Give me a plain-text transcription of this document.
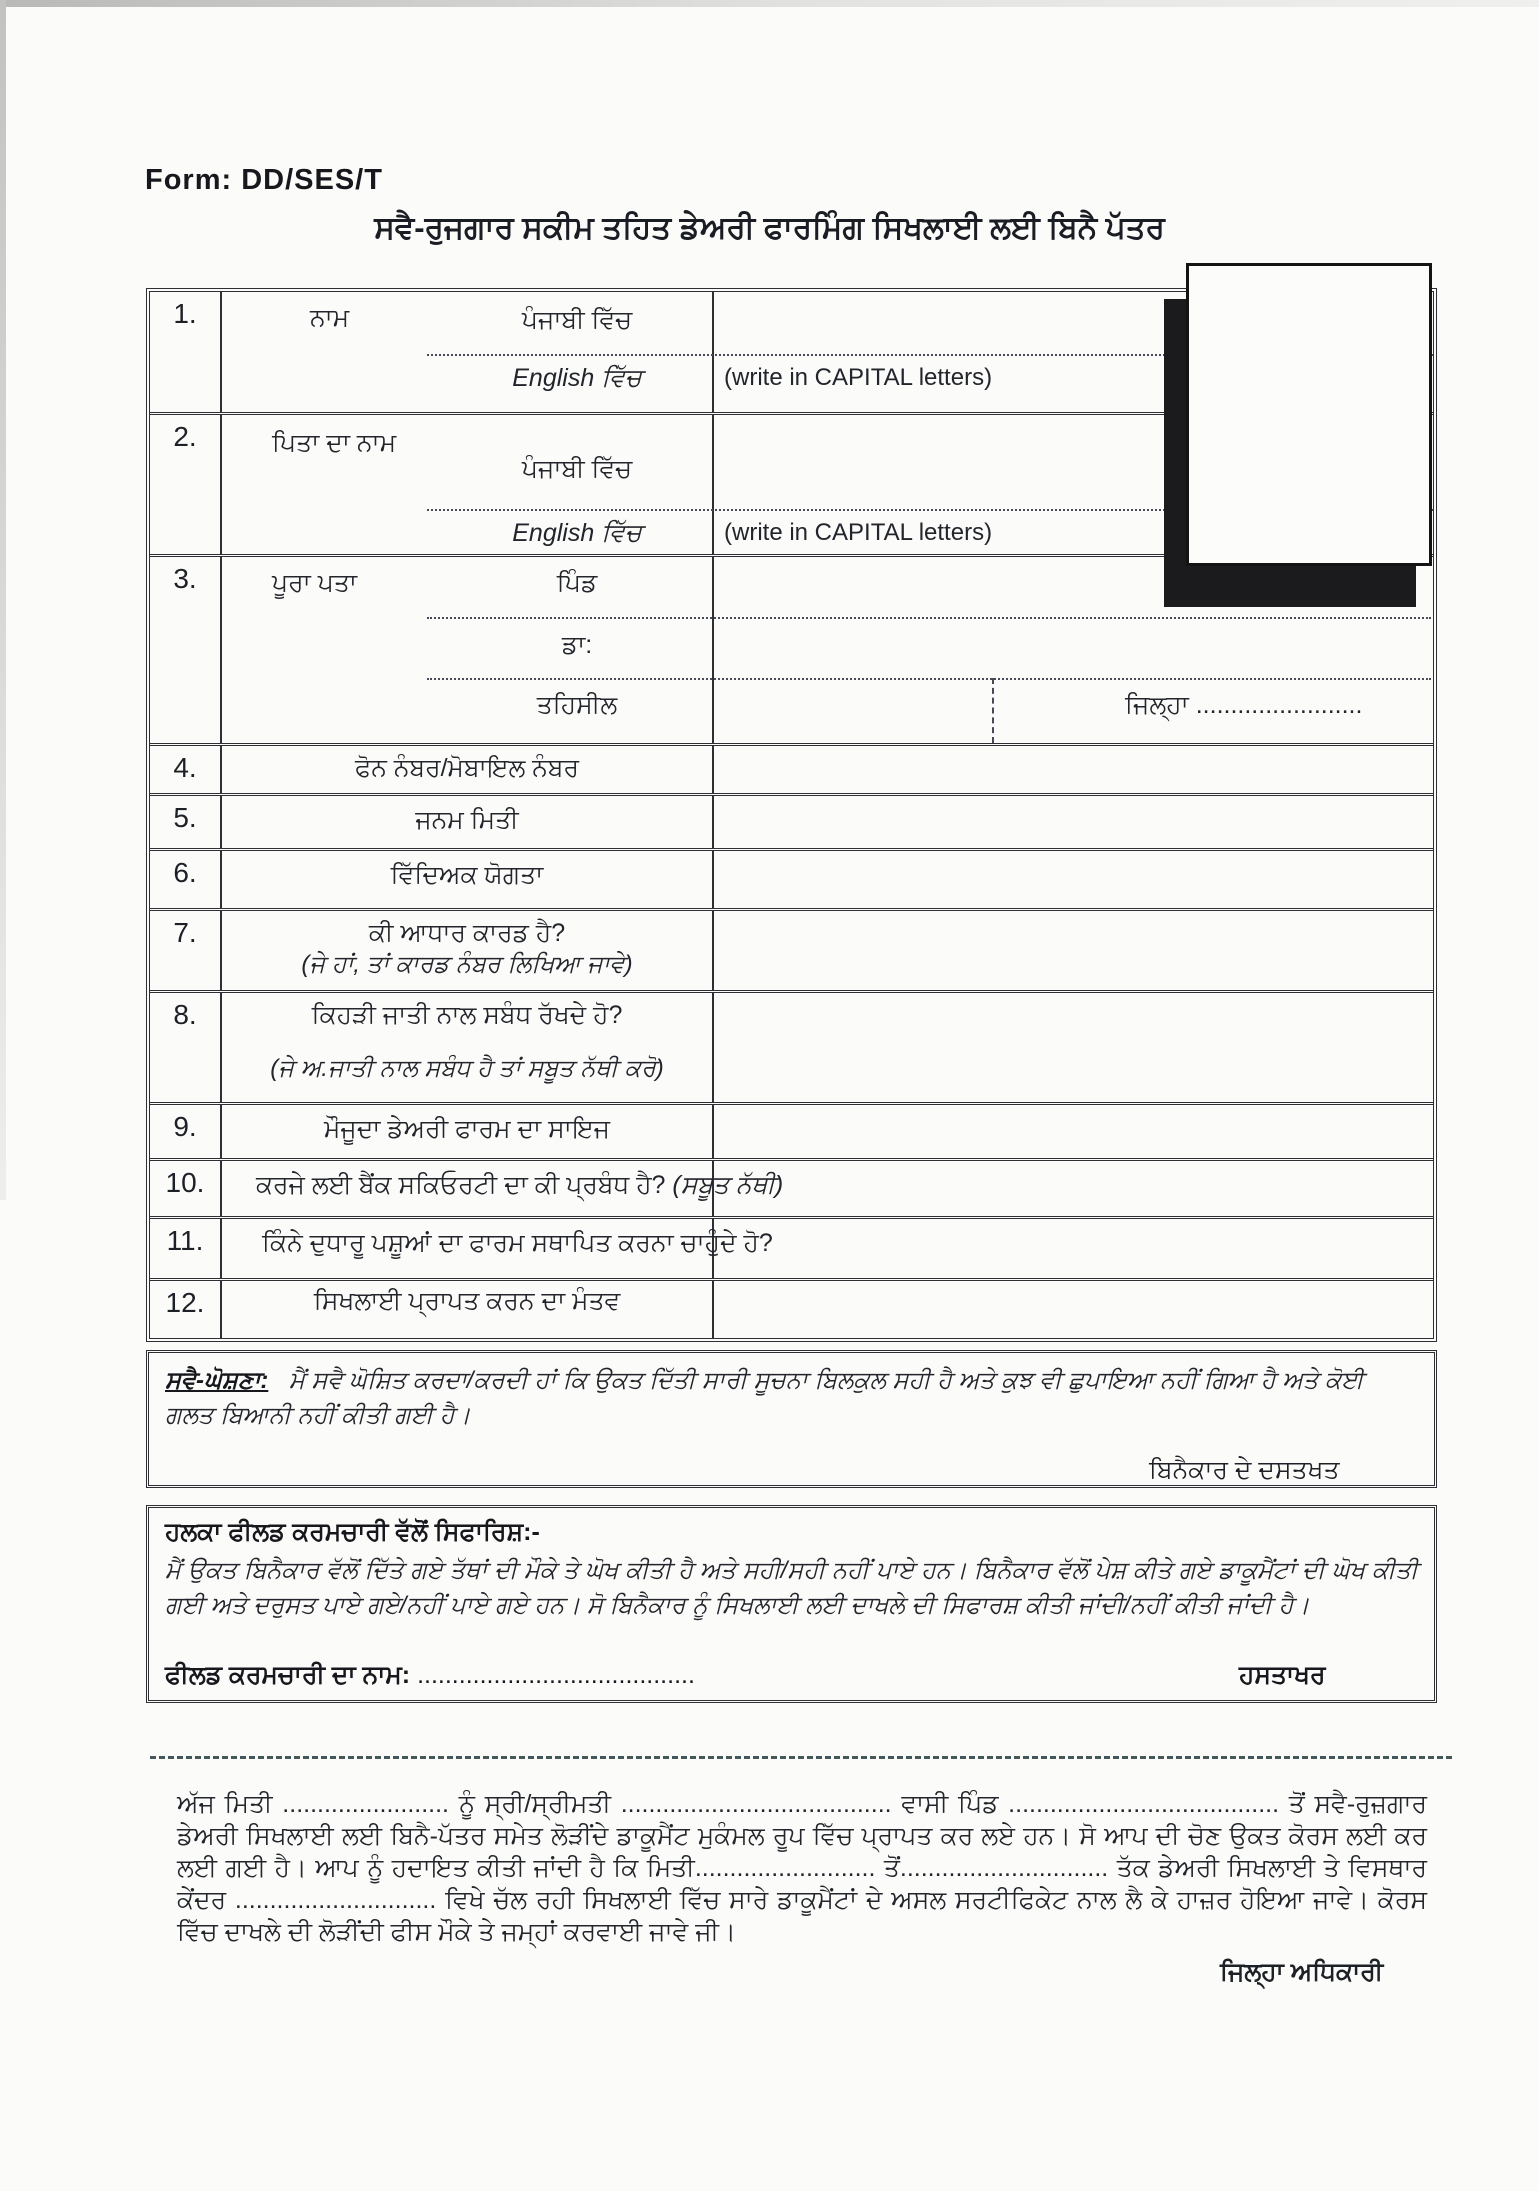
Form: DD/SES/T
ਸਵੈ-ਰੁਜਗਾਰ ਸਕੀਮ ਤਹਿਤ ਡੇਅਰੀ ਫਾਰਮਿੰਗ ਸਿਖਲਾਈ ਲਈ ਬਿਨੈ ਪੱਤਰ
1.	ਨਾਮ	ਪੰਜਾਬੀ ਵਿੱਚ
English ਵਿੱਚ	(write in CAPITAL letters)
2.	ਪਿਤਾ ਦਾ ਨਾਮ
ਪੰਜਾਬੀ ਵਿੱਚ
English ਵਿੱਚ	(write in CAPITAL letters)
3.	ਪੂਰਾ ਪਤਾ	ਪਿੰਡ
ਡਾ:
ਤਹਿਸੀਲ	ਜਿਲ੍ਹਾ ........................
4.	ਫੋਨ ਨੰਬਰ/ਮੋਬਾਇਲ ਨੰਬਰ
5.	ਜਨਮ ਮਿਤੀ
6.	ਵਿੱਦਿਅਕ ਯੋਗਤਾ
7.	ਕੀ ਆਧਾਰ ਕਾਰਡ ਹੈ?
(ਜੇ ਹਾਂ, ਤਾਂ ਕਾਰਡ ਨੰਬਰ ਲਿਖਿਆ ਜਾਵੇ)
8.	ਕਿਹੜੀ ਜਾਤੀ ਨਾਲ ਸਬੰਧ ਰੱਖਦੇ ਹੋ?
(ਜੇ ਅ.ਜਾਤੀ ਨਾਲ ਸਬੰਧ ਹੈ ਤਾਂ ਸਬੂਤ ਨੱਥੀ ਕਰੋ)
9.	ਮੌਜੂਦਾ ਡੇਅਰੀ ਫਾਰਮ ਦਾ ਸਾਇਜ
10.	ਕਰਜੇ ਲਈ ਬੈਂਕ ਸਕਿਓਰਟੀ ਦਾ ਕੀ ਪ੍ਰਬੰਧ ਹੈ? (ਸਬੂਤ ਨੱਥੀ)
11.	ਕਿੰਨੇ ਦੁਧਾਰੂ ਪਸ਼ੂਆਂ ਦਾ ਫਾਰਮ ਸਥਾਪਿਤ ਕਰਨਾ ਚਾਹੁੰਦੇ ਹੋ?
12.	ਸਿਖਲਾਈ ਪ੍ਰਾਪਤ ਕਰਨ ਦਾ ਮੰਤਵ
ਸਵੈ-ਘੋਸ਼ਣਾ: ਮੈਂ ਸਵੈ ਘੋਸ਼ਿਤ ਕਰਦਾ/ਕਰਦੀ ਹਾਂ ਕਿ ਉਕਤ ਦਿੱਤੀ ਸਾਰੀ ਸੂਚਨਾ ਬਿਲਕੁਲ ਸਹੀ ਹੈ ਅਤੇ ਕੁਝ ਵੀ ਛੁਪਾਇਆ ਨਹੀਂ ਗਿਆ ਹੈ ਅਤੇ ਕੋਈ ਗਲਤ ਬਿਆਨੀ ਨਹੀਂ ਕੀਤੀ ਗਈ ਹੈ।
ਬਿਨੈਕਾਰ ਦੇ ਦਸਤਖਤ
ਹਲਕਾ ਫੀਲਡ ਕਰਮਚਾਰੀ ਵੱਲੋਂ ਸਿਫਾਰਿਸ਼:-
ਮੈਂ ਉਕਤ ਬਿਨੈਕਾਰ ਵੱਲੋਂ ਦਿੱਤੇ ਗਏ ਤੱਥਾਂ ਦੀ ਮੌਕੇ ਤੇ ਘੋਖ ਕੀਤੀ ਹੈ ਅਤੇ ਸਹੀ/ਸਹੀ ਨਹੀਂ ਪਾਏ ਹਨ। ਬਿਨੈਕਾਰ ਵੱਲੋਂ ਪੇਸ਼ ਕੀਤੇ ਗਏ ਡਾਕੂਮੈਂਟਾਂ ਦੀ ਘੋਖ ਕੀਤੀ ਗਈ ਅਤੇ ਦਰੁਸਤ ਪਾਏ ਗਏ/ਨਹੀਂ ਪਾਏ ਗਏ ਹਨ। ਸੋ ਬਿਨੈਕਾਰ ਨੂੰ ਸਿਖਲਾਈ ਲਈ ਦਾਖਲੇ ਦੀ ਸਿਫਾਰਸ਼ ਕੀਤੀ ਜਾਂਦੀ/ਨਹੀਂ ਕੀਤੀ ਜਾਂਦੀ ਹੈ।
ਫੀਲਡ ਕਰਮਚਾਰੀ ਦਾ ਨਾਮ: ........................................	ਹਸਤਾਖਰ
ਅੱਜ ਮਿਤੀ ........................ ਨੂੰ ਸ੍ਰੀ/ਸ੍ਰੀਮਤੀ ....................................... ਵਾਸੀ ਪਿੰਡ ....................................... ਤੋਂ ਸਵੈ-ਰੁਜ਼ਗਾਰ ਡੇਅਰੀ ਸਿਖਲਾਈ ਲਈ ਬਿਨੈ-ਪੱਤਰ ਸਮੇਤ ਲੋੜੀਂਦੇ ਡਾਕੂਮੈਂਟ ਮੁਕੰਮਲ ਰੂਪ ਵਿੱਚ ਪ੍ਰਾਪਤ ਕਰ ਲਏ ਹਨ। ਸੋ ਆਪ ਦੀ ਚੋਣ ਉਕਤ ਕੋਰਸ ਲਈ ਕਰ ਲਈ ਗਈ ਹੈ। ਆਪ ਨੂੰ ਹਦਾਇਤ ਕੀਤੀ ਜਾਂਦੀ ਹੈ ਕਿ ਮਿਤੀ.......................... ਤੋਂ.............................. ਤੱਕ ਡੇਅਰੀ ਸਿਖਲਾਈ ਤੇ ਵਿਸਥਾਰ ਕੇਂਦਰ ............................. ਵਿਖੇ ਚੱਲ ਰਹੀ ਸਿਖਲਾਈ ਵਿੱਚ ਸਾਰੇ ਡਾਕੂਮੈਂਟਾਂ ਦੇ ਅਸਲ ਸਰਟੀਫਿਕੇਟ ਨਾਲ ਲੈ ਕੇ ਹਾਜ਼ਰ ਹੋਇਆ ਜਾਵੇ। ਕੋਰਸ ਵਿੱਚ ਦਾਖਲੇ ਦੀ ਲੋੜੀਂਦੀ ਫੀਸ ਮੌਕੇ ਤੇ ਜਮ੍ਹਾਂ ਕਰਵਾਈ ਜਾਵੇ ਜੀ।
ਜਿਲ੍ਹਾ ਅਧਿਕਾਰੀ
